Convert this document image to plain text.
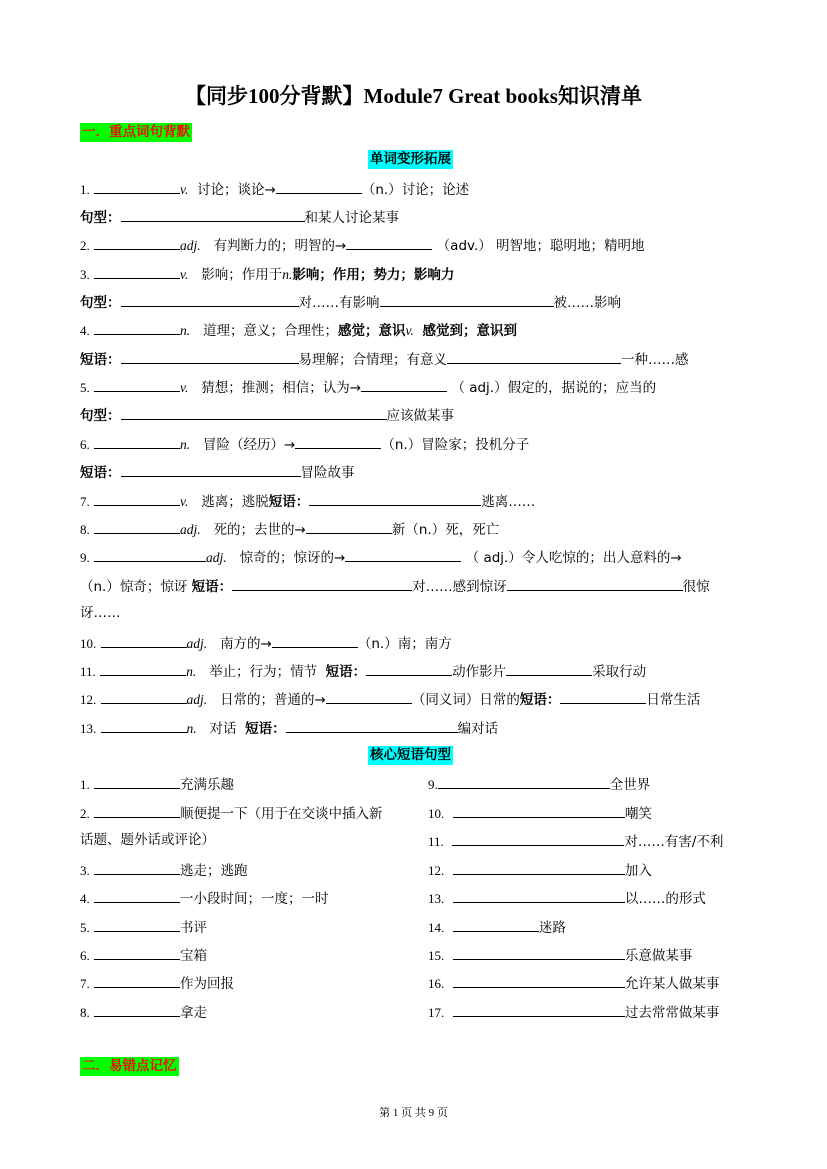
【同步100分背默】Module7 Great books知识清单
一．重点词句背默
单词变形拓展
1.	v. 讨论；谈论→	（n.）讨论；论述
句型：	和某人讨论某事
2.	adj. 有判断力的；明智的→	（adv.） 明智地；聪明地；精明地
3.	v. 影响；作用于n.影响；作用；势力；影响力
句型：	对……有影响	被……影响
4.	n. 道理；意义；合理性；感觉；意识v. 感觉到；意识到
短语：	易理解；合情理；有意义	一种……感
5.	v. 猜想；推测；相信；认为→	（ adj.）假定的，据说的；应当的
句型：	应该做某事
6.	n. 冒险（经历）→	（n.）冒险家；投机分子
短语：	冒险故事
7.	v. 逃离；逃脱短语：	逃离……
8.	adj. 死的；去世的→	新（n.）死，死亡
9.	adj. 惊奇的；惊讶的→	（ adj.）令人吃惊的；出人意料的→
（n.）惊奇；惊讶 短语：	对……感到惊讶	很惊
讶……
10.	adj. 南方的→	（n.）南；南方
11.	n. 举止；行为；情节 短语：	动作影片	采取行动
12.	adj. 日常的；普通的→	（同义词）日常的短语：	日常生活
13.	n. 对话 短语：	编对话
核心短语句型
1.	充满乐趣
2.	顺便提一下（用于在交谈中插入新
话题、题外话或评论）
3.	逃走；逃跑
4.	一小段时间；一度；一时
5.	书评
6.	宝箱
7.	作为回报
8.	拿走
9.	全世界
10.	嘲笑
11.	对……有害/不利
12.	加入
13.	以……的形式
14.	迷路
15.	乐意做某事
16.	允许某人做某事
17.	过去常常做某事
二．易错点记忆
第 1 页 共 9 页
